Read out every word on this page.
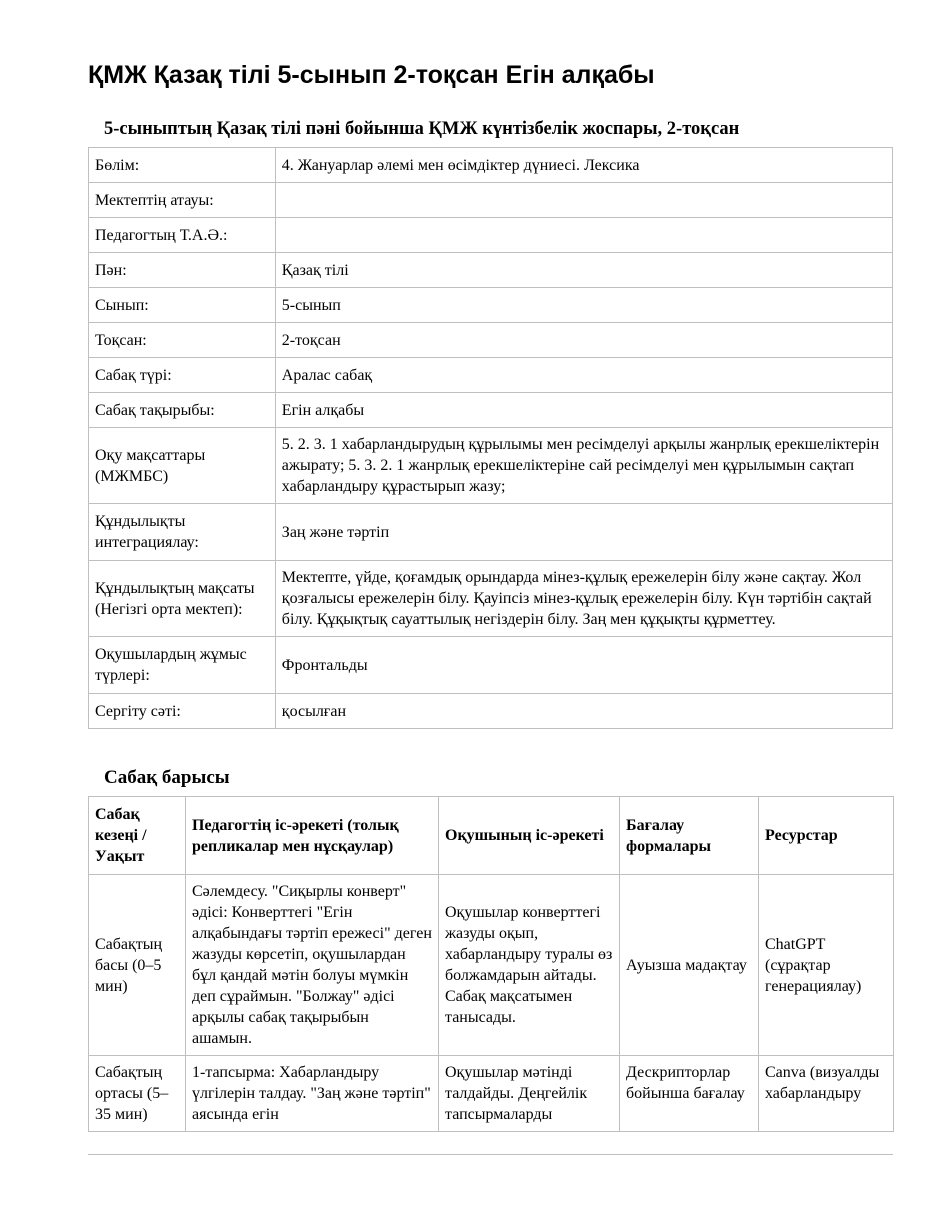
ҚМЖ Қазақ тілі 5-сынып 2-тоқсан Егін алқабы
5-сыныптың Қазақ тілі пәні бойынша ҚМЖ күнтізбелік жоспары, 2-тоқсан
Бөлім:	4. Жануарлар әлемі мен өсімдіктер дүниесі. Лексика
Мектептің атауы:	
Педагогтың Т.А.Ә.:	
Пән:	Қазақ тілі
Сынып:	5-сынып
Тоқсан:	2-тоқсан
Сабақ түрі:	Аралас сабақ
Сабақ тақырыбы:	Егін алқабы
Оқу мақсаттары (МЖМБС)	5. 2. 3. 1 хабарландырудың құрылымы мен ресімделуі арқылы жанрлық ерекшеліктерін ажырату; 5. 3. 2. 1 жанрлық ерекшеліктеріне сай ресімделуі мен құрылымын сақтап хабарландыру құрастырып жазу;
Құндылықты интеграциялау:	Заң және тәртіп
Құндылықтың мақсаты (Негізгі орта мектеп):	Мектепте, үйде, қоғамдық орындарда мінез-құлық ережелерін білу және сақтау. Жол қозғалысы ережелерін білу. Қауіпсіз мінез-құлық ережелерін білу. Күн тәртібін сақтай білу. Құқықтық сауаттылық негіздерін білу. Заң мен құқықты құрметтеу.
Оқушылардың жұмыс түрлері:	Фронтальды
Сергіту сәті:	қосылған
Сабақ барысы
Сабақ кезеңі / Уақыт	Педагогтің іс-әрекеті (толық репликалар мен нұсқаулар)	Оқушының іс-әрекеті	Бағалау формалары	Ресурстар
Сабақтың басы (0–5 мин)	Сәлемдесу. "Сиқырлы конверт" әдісі: Конверттегі "Егін алқабындағы тәртіп ережесі" деген жазуды көрсетіп, оқушылардан бұл қандай мәтін болуы мүмкін деп сұраймын. "Болжау" әдісі арқылы сабақ тақырыбын ашамын.	Оқушылар конверттегі жазуды оқып, хабарландыру туралы өз болжамдарын айтады. Сабақ мақсатымен танысады.	Ауызша мадақтау	ChatGPT (сұрақтар генерациялау)
Сабақтың ортасы (5–35 мин)	1-тапсырма: Хабарландыру үлгілерін талдау. "Заң және тәртіп" аясында егін	Оқушылар мәтінді талдайды. Деңгейлік тапсырмаларды	Дескрипторлар бойынша бағалау	Canva (визуалды хабарландыру
